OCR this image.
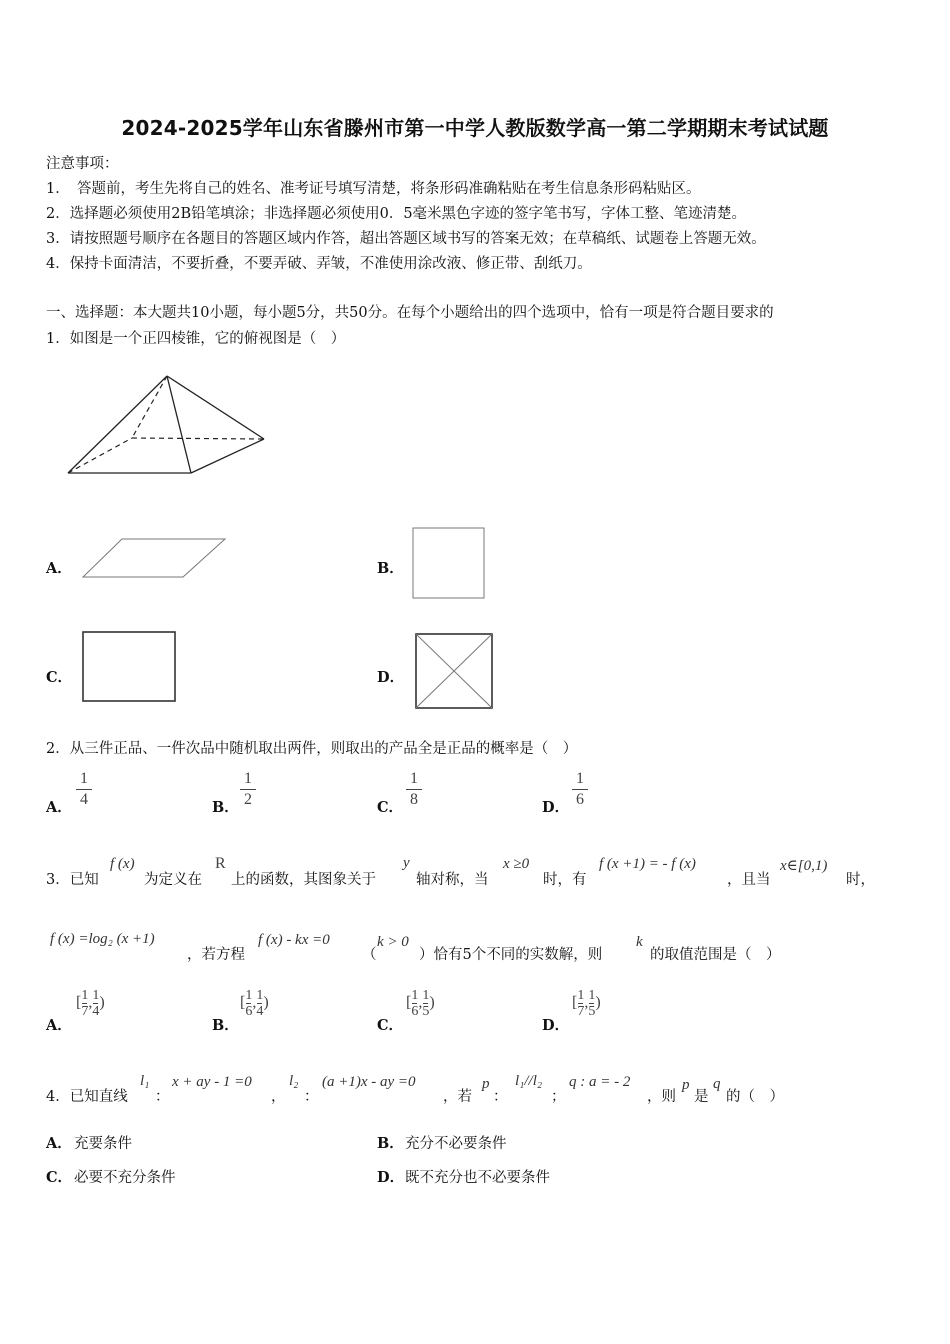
2024-2025学年山东省滕州市第一中学人教版数学高一第二学期期末考试试题
注意事项：
1．　答题前，考生先将自己的姓名、准考证号填写清楚，将条形码准确粘贴在考生信息条形码粘贴区。
2．选择题必须使用2B铅笔填涂；非选择题必须使用0．5毫米黑色字迹的签字笔书写，字体工整、笔迹清楚。
3．请按照题号顺序在各题目的答题区域内作答，超出答题区域书写的答案无效；在草稿纸、试题卷上答题无效。
4．保持卡面清洁，不要折叠，不要弄破、弄皱，不准使用涂改液、修正带、刮纸刀。
一、选择题：本大题共10小题，每小题5分，共50分。在每个小题给出的四个选项中，恰有一项是符合题目要求的
1．如图是一个正四棱锥，它的俯视图是（　）
A．	B．
C．	D．
2．从三件正品、一件次品中随机取出两件，则取出的产品全是正品的概率是（　）
A．
1
4	B．
1
2	C．
1
8	D．
1
6
3．已知
f (x)
为定义在
R
上的函数，其图象关于
y
轴对称，当
x ≥0
时，有
f (x +1) = - f (x)
，且当
x∈[0,1)
时，
f (x) =log₂ (x +1)
，若方程
f (x) - kx =0
（
k > 0
）恰有5个不同的实数解，则
k
的取值范围是（　）
A．
$[\frac{1}{7},\frac{1}{4})$
B．
$[\frac{1}{6},\frac{1}{4})$
C．
$[\frac{1}{6},\frac{1}{5})$
D．
$[\frac{1}{7},\frac{1}{5})$
4．已知直线
l₁
：
x + ay - 1 =0
，
l₂
：
(a +1)x - ay =0
，若
p
：
l₁//l₂
；
q : a = - 2
，则
p
是
q
的（　）
A． 充要条件	B． 充分不必要条件
C． 必要不充分条件	D． 既不充分也不必要条件
